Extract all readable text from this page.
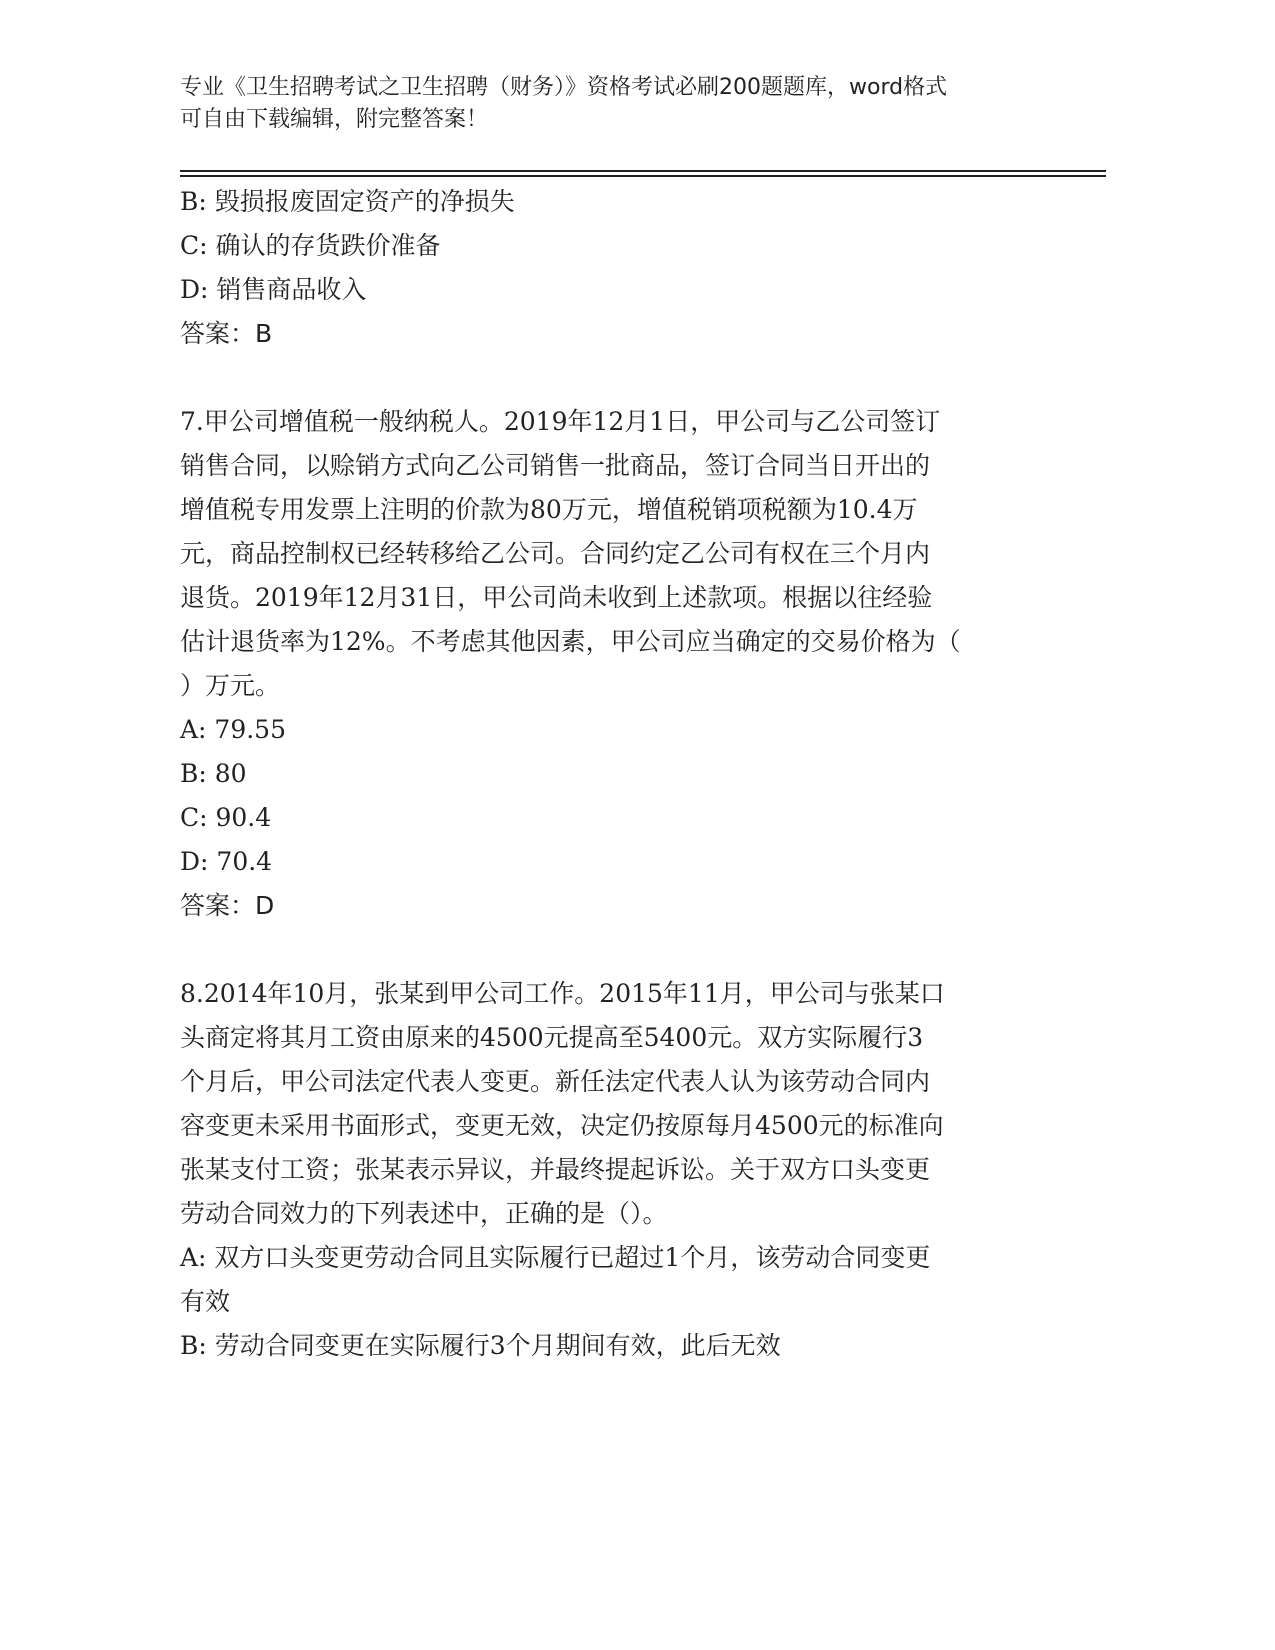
专业《卫生招聘考试之卫生招聘（财务）》资格考试必刷200题题库，word格式
可自由下载编辑，附完整答案！
B: 毁损报废固定资产的净损失
C: 确认的存货跌价准备
D: 销售商品收入
答案：B
7.甲公司增值税一般纳税人。2019年12月1日，甲公司与乙公司签订
销售合同，以赊销方式向乙公司销售一批商品，签订合同当日开出的
增值税专用发票上注明的价款为80万元，增值税销项税额为10.4万
元，商品控制权已经转移给乙公司。合同约定乙公司有权在三个月内
退货。2019年12月31日，甲公司尚未收到上述款项。根据以往经验
估计退货率为12%。不考虑其他因素，甲公司应当确定的交易价格为（
）万元。
A: 79.55
B: 80
C: 90.4
D: 70.4
答案：D
8.2014年10月，张某到甲公司工作。2015年11月，甲公司与张某口
头商定将其月工资由原来的4500元提高至5400元。双方实际履行3
个月后，甲公司法定代表人变更。新任法定代表人认为该劳动合同内
容变更未采用书面形式，变更无效，决定仍按原每月4500元的标准向
张某支付工资；张某表示异议，并最终提起诉讼。关于双方口头变更
劳动合同效力的下列表述中，正确的是（）。
A: 双方口头变更劳动合同且实际履行已超过1个月，该劳动合同变更
有效
B: 劳动合同变更在实际履行3个月期间有效，此后无效
